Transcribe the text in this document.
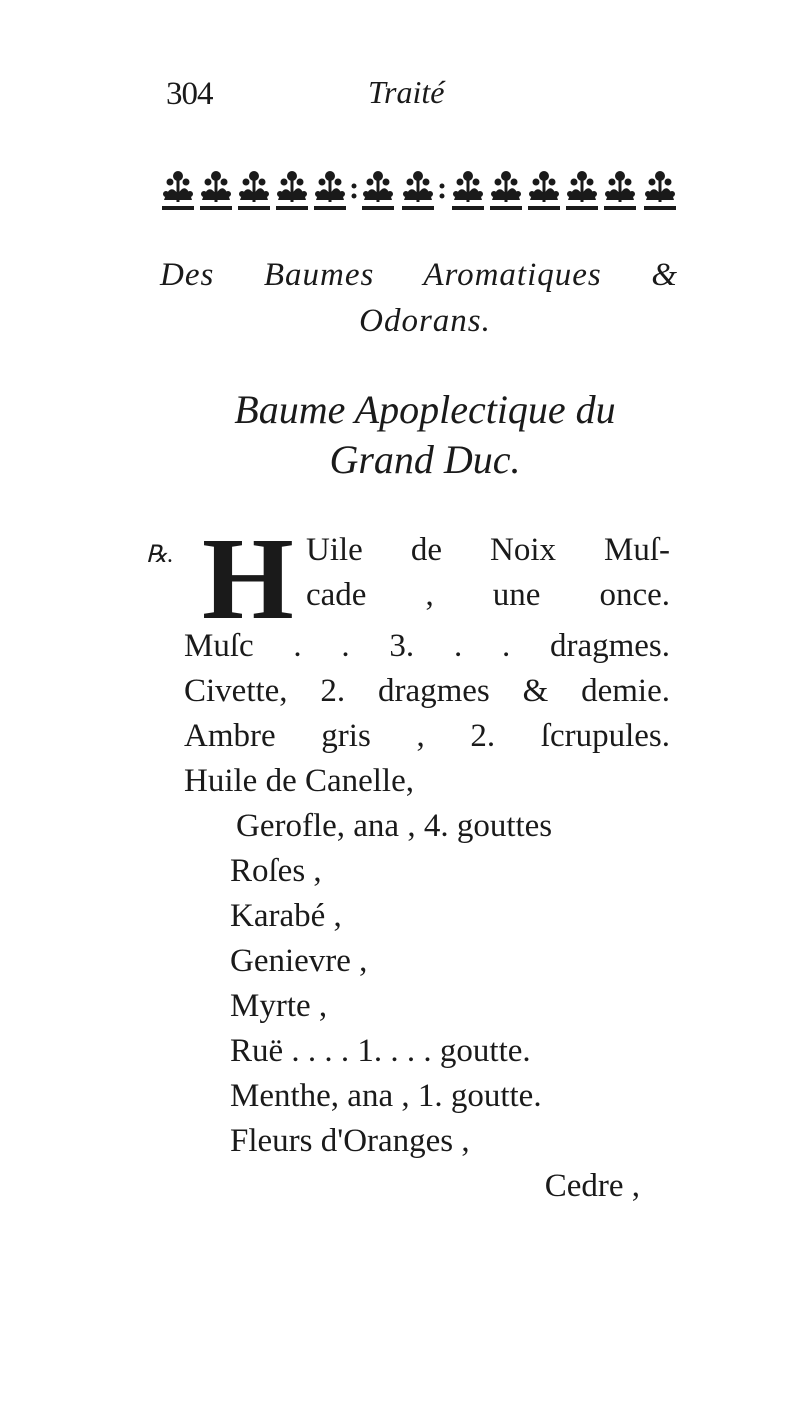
304	Traité
Des Baumes Aromatiques &
Odorans.
Baume Apoplectique du
Grand Duc.
℞. H Uile de Noix Muſ-
cade , une once.
Muſc . . 3. . . dragmes.
Civette, 2. dragmes & demie.
Ambre gris , 2. ſcrupules.
Huile de Canelle,
Geroflе, ana , 4. gouttes
Roſes ,
Karabé ,
Genievre ,
Myrte ,
Ruë . . . . 1. . . . goutte.
Menthe, ana , 1. goutte.
Fleurs d'Oranges ,
Cedre ,
